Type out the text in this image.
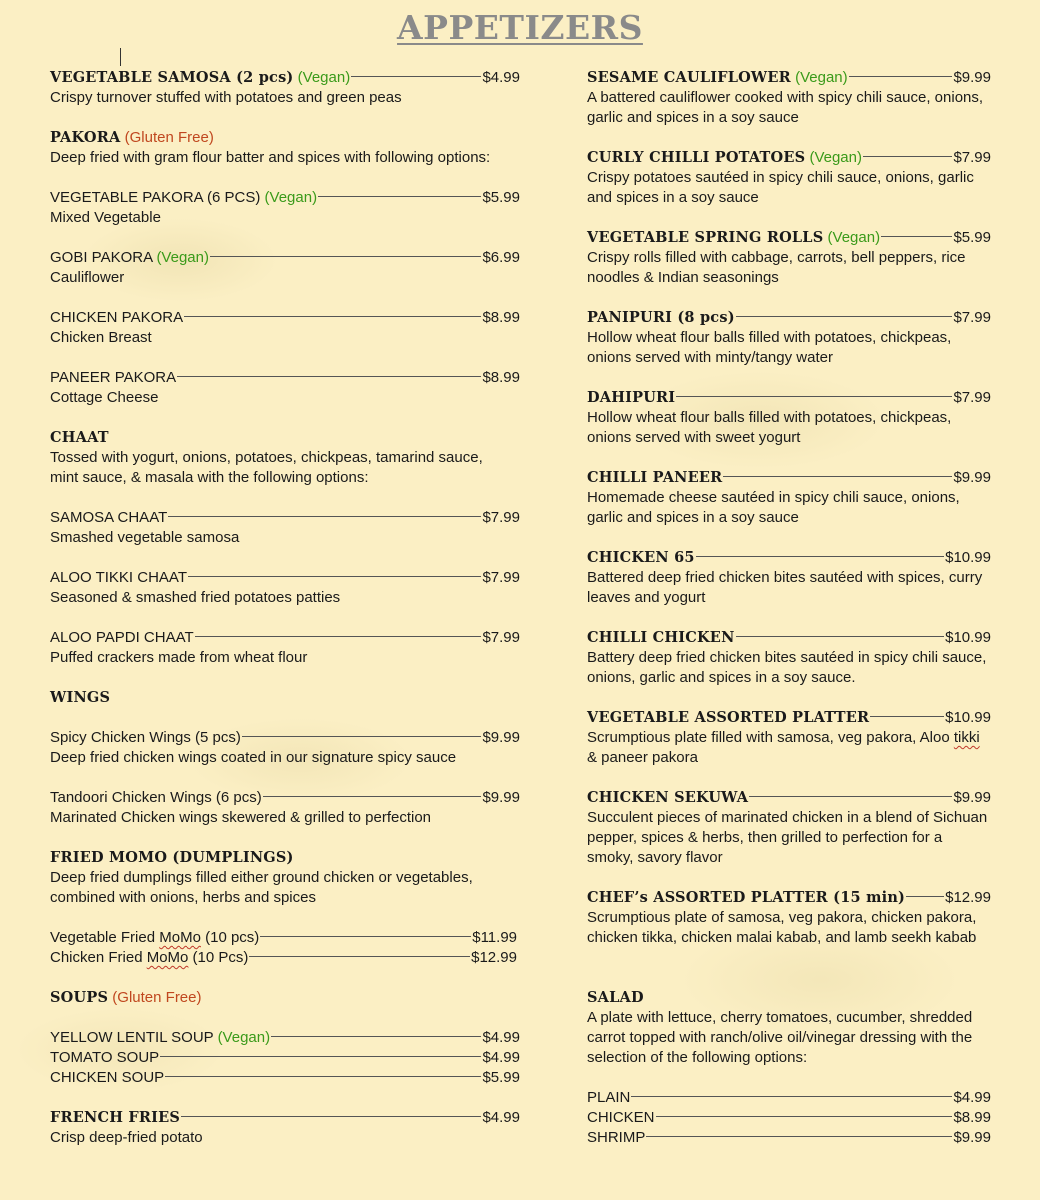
APPETIZERS
VEGETABLE SAMOSA (2 pcs) (Vegan)	$4.99
Crispy turnover stuffed with potatoes and green peas
PAKORA (Gluten Free)
Deep fried with gram flour batter and spices with following options:
VEGETABLE PAKORA (6 PCS) (Vegan)	$5.99
Mixed Vegetable
GOBI PAKORA (Vegan)	$6.99
Cauliflower
CHICKEN PAKORA	$8.99
Chicken Breast
PANEER PAKORA	$8.99
Cottage Cheese
CHAAT
Tossed with yogurt, onions, potatoes, chickpeas, tamarind sauce, mint sauce, & masala with the following options:
SAMOSA CHAAT	$7.99
Smashed vegetable samosa
ALOO TIKKI CHAAT	$7.99
Seasoned & smashed fried potatoes patties
ALOO PAPDI CHAAT	$7.99
Puffed crackers made from wheat flour
WINGS
Spicy Chicken Wings (5 pcs)	$9.99
Deep fried chicken wings coated in our signature spicy sauce
Tandoori Chicken Wings (6 pcs)	$9.99
Marinated Chicken wings skewered & grilled to perfection
FRIED MOMO (DUMPLINGS)
Deep fried dumplings filled either ground chicken or vegetables, combined with onions, herbs and spices
Vegetable Fried MoMo (10 pcs)	$11.99
Chicken Fried MoMo (10 Pcs)	$12.99
SOUPS (Gluten Free)
YELLOW LENTIL SOUP (Vegan)	$4.99
TOMATO SOUP	$4.99
CHICKEN SOUP	$5.99
FRENCH FRIES	$4.99
Crisp deep-fried potato
SESAME CAULIFLOWER (Vegan)	$9.99
A battered cauliflower cooked with spicy chili sauce, onions, garlic and spices in a soy sauce
CURLY CHILLI POTATOES (Vegan)	$7.99
Crispy potatoes sautéed in spicy chili sauce, onions, garlic and spices in a soy sauce
VEGETABLE SPRING ROLLS (Vegan)	$5.99
Crispy rolls filled with cabbage, carrots, bell peppers, rice noodles & Indian seasonings
PANIPURI (8 pcs)	$7.99
Hollow wheat flour balls filled with potatoes, chickpeas, onions served with minty/tangy water
DAHIPURI	$7.99
Hollow wheat flour balls filled with potatoes, chickpeas, onions served with sweet yogurt
CHILLI PANEER	$9.99
Homemade cheese sautéed in spicy chili sauce, onions, garlic and spices in a soy sauce
CHICKEN 65	$10.99
Battered deep fried chicken bites sautéed with spices, curry leaves and yogurt
CHILLI CHICKEN	$10.99
Battery deep fried chicken bites sautéed in spicy chili sauce, onions, garlic and spices in a soy sauce.
VEGETABLE ASSORTED PLATTER	$10.99
Scrumptious plate filled with samosa, veg pakora, Aloo tikki & paneer pakora
CHICKEN SEKUWA	$9.99
Succulent pieces of marinated chicken in a blend of Sichuan pepper, spices & herbs, then grilled to perfection for a smoky, savory flavor
CHEF’s ASSORTED PLATTER (15 min)	$12.99
Scrumptious plate of samosa, veg pakora, chicken pakora, chicken tikka, chicken malai kabab, and lamb seekh kabab
SALAD
A plate with lettuce, cherry tomatoes, cucumber, shredded carrot topped with ranch/olive oil/vinegar dressing with the selection of the following options:
PLAIN	$4.99
CHICKEN	$8.99
SHRIMP	$9.99
